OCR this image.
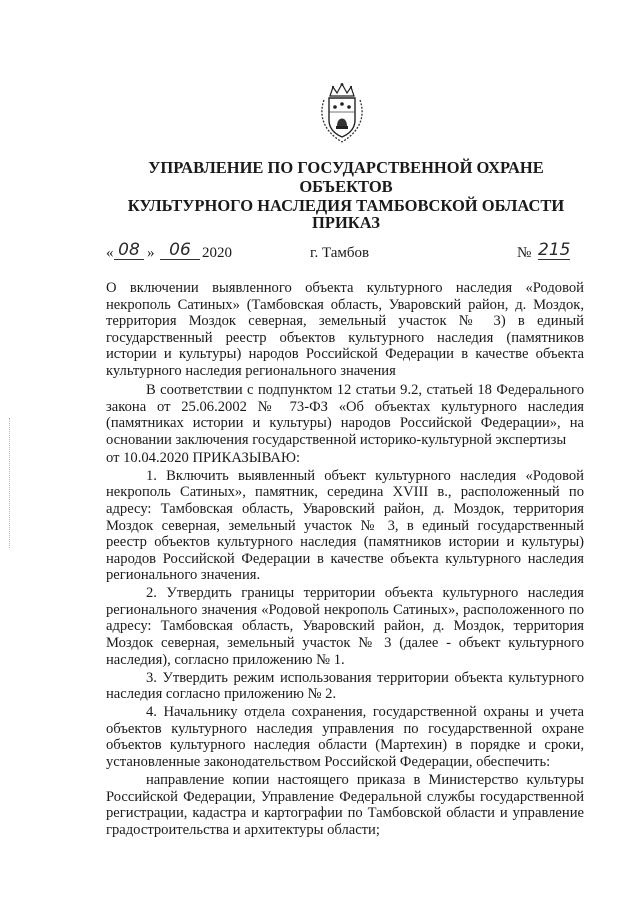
УПРАВЛЕНИЕ ПО ГОСУДАРСТВЕННОЙ ОХРАНЕ ОБЪЕКТОВ
КУЛЬТУРНОГО НАСЛЕДИЯ ТАМБОВСКОЙ ОБЛАСТИ
ПРИКАЗ
« 08 » 06 2020	г. Тамбов	№ 215
О включении выявленного объекта культурного наследия «Родовой некрополь Сатиных» (Тамбовская область, Уваровский район, д. Моздок, территория Моздок северная, земельный участок № 3) в единый государственный реестр объектов культурного наследия (памятников истории и культуры) народов Российской Федерации в качестве объекта культурного наследия регионального значения

В соответствии с подпунктом 12 статьи 9.2, статьей 18 Федерального закона от 25.06.2002 № 73-ФЗ «Об объектах культурного наследия (памятниках истории и культуры) народов Российской Федерации», на основании заключения государственной историко-культурной экспертизы

от 10.04.2020 ПРИКАЗЫВАЮ:

1. Включить выявленный объект культурного наследия «Родовой некрополь Сатиных», памятник, середина XVIII в., расположенный по адресу: Тамбовская область, Уваровский район, д. Моздок, территория Моздок северная, земельный участок № 3, в единый государственный реестр объектов культурного наследия (памятников истории и культуры) народов Российской Федерации в качестве объекта культурного наследия регионального значения.

2. Утвердить границы территории объекта культурного наследия регионального значения «Родовой некрополь Сатиных», расположенного по адресу: Тамбовская область, Уваровский район, д. Моздок, территория Моздок северная, земельный участок № 3 (далее - объект культурного наследия), согласно приложению № 1.

3. Утвердить режим использования территории объекта культурного наследия согласно приложению № 2.

4. Начальнику отдела сохранения, государственной охраны и учета объектов культурного наследия управления по государственной охране объектов культурного наследия области (Мартехин) в порядке и сроки, установленные законодательством Российской Федерации, обеспечить:

направление копии настоящего приказа в Министерство культуры Российской Федерации, Управление Федеральной службы государственной регистрации, кадастра и картографии по Тамбовской области и управление градостроительства и архитектуры области;
